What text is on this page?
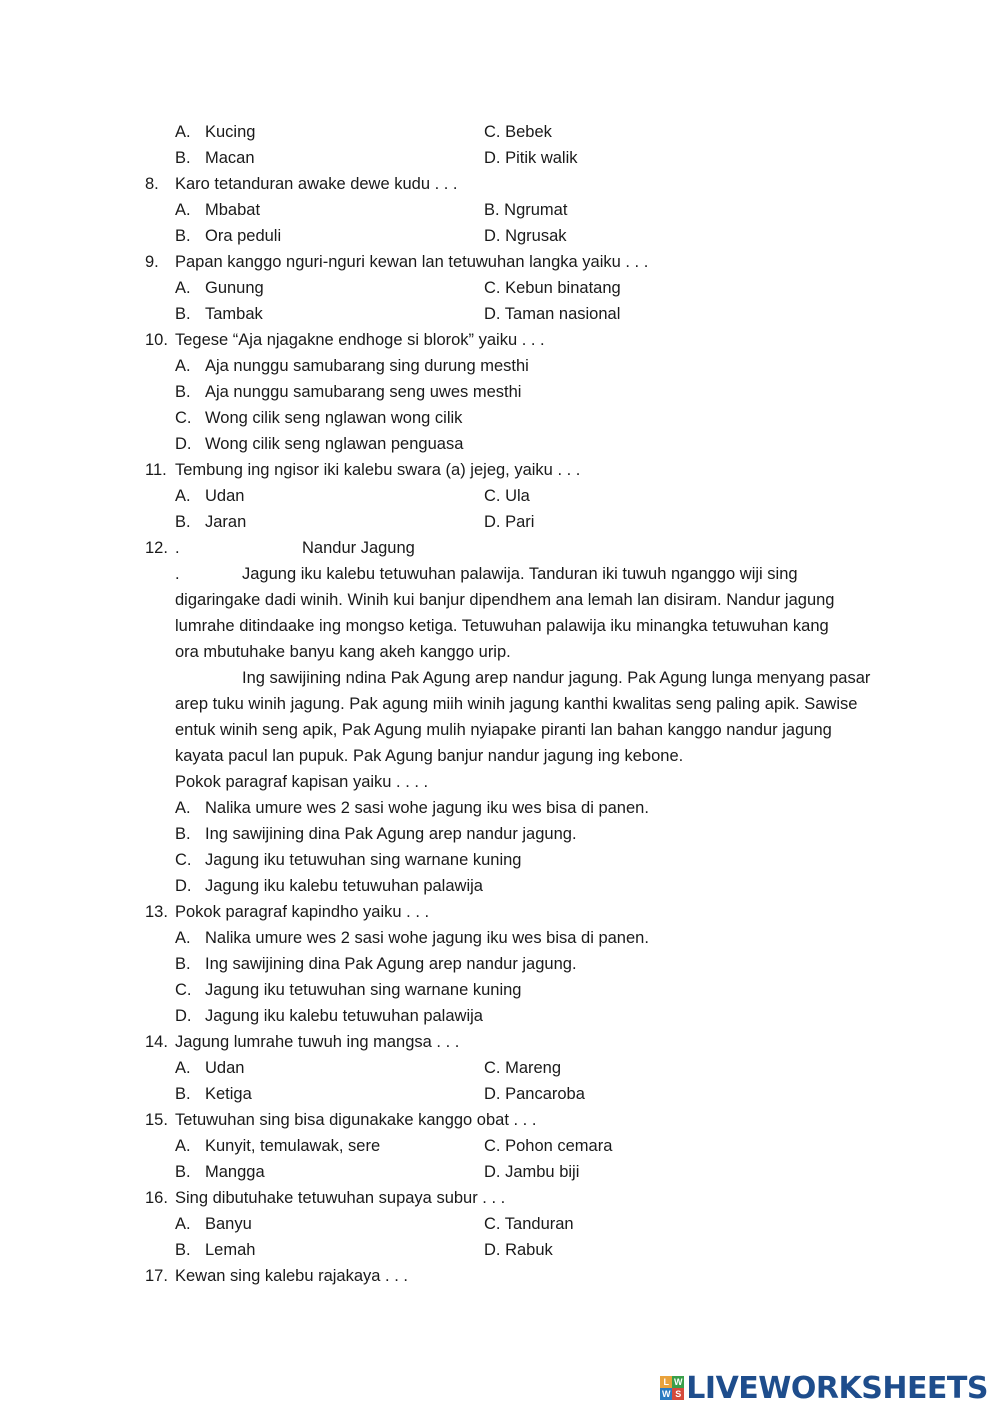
A. Kucing	C. Bebek
B. Macan	D. Pitik walik
8. Karo tetanduran awake dewe kudu . . .
A. Mbabat	B. Ngrumat
B. Ora peduli	D. Ngrusak
9. Papan kanggo nguri-nguri kewan lan tetuwuhan langka yaiku . . .
A. Gunung	C. Kebun binatang
B. Tambak	D. Taman nasional
10. Tegese “Aja njagakne endhoge si blorok” yaiku . . .
A. Aja nunggu samubarang sing durung mesthi
B. Aja nunggu samubarang seng uwes mesthi
C. Wong cilik seng nglawan wong cilik
D. Wong cilik seng nglawan penguasa
11. Tembung ing ngisor iki kalebu swara (a) jejeg, yaiku . . .
A. Udan	C. Ula
B. Jaran	D. Pari
12. .	Nandur Jagung
.	Jagung iku kalebu tetuwuhan palawija. Tanduran iki tuwuh nganggo wiji sing
digaringake dadi winih. Winih kui banjur dipendhem ana lemah lan disiram. Nandur jagung
lumrahe ditindaake ing mongso ketiga. Tetuwuhan palawija iku minangka tetuwuhan kang
ora mbutuhake banyu kang akeh kanggo urip.
Ing sawijining ndina Pak Agung arep nandur jagung. Pak Agung lunga menyang pasar
arep tuku winih jagung. Pak agung miih winih jagung kanthi kwalitas seng paling apik. Sawise
entuk winih seng apik, Pak Agung mulih nyiapake piranti lan bahan kanggo nandur jagung
kayata pacul lan pupuk. Pak Agung banjur nandur jagung ing kebone.
Pokok paragraf kapisan yaiku . . . .
A. Nalika umure wes 2 sasi wohe jagung iku wes bisa di panen.
B. Ing sawijining dina Pak Agung arep nandur jagung.
C. Jagung iku tetuwuhan sing warnane kuning
D. Jagung iku kalebu tetuwuhan palawija
13. Pokok paragraf kapindho yaiku . . .
A. Nalika umure wes 2 sasi wohe jagung iku wes bisa di panen.
B. Ing sawijining dina Pak Agung arep nandur jagung.
C. Jagung iku tetuwuhan sing warnane kuning
D. Jagung iku kalebu tetuwuhan palawija
14. Jagung lumrahe tuwuh ing mangsa . . .
A. Udan	C. Mareng
B. Ketiga	D. Pancaroba
15. Tetuwuhan sing bisa digunakake kanggo obat . . .
A. Kunyit, temulawak, sere	C. Pohon cemara
B. Mangga	D. Jambu biji
16. Sing dibutuhake tetuwuhan supaya subur . . .
A. Banyu	C. Tanduran
B. Lemah	D. Rabuk
17. Kewan sing kalebu rajakaya . . .
L W
W S LIVEWORKSHEETS
